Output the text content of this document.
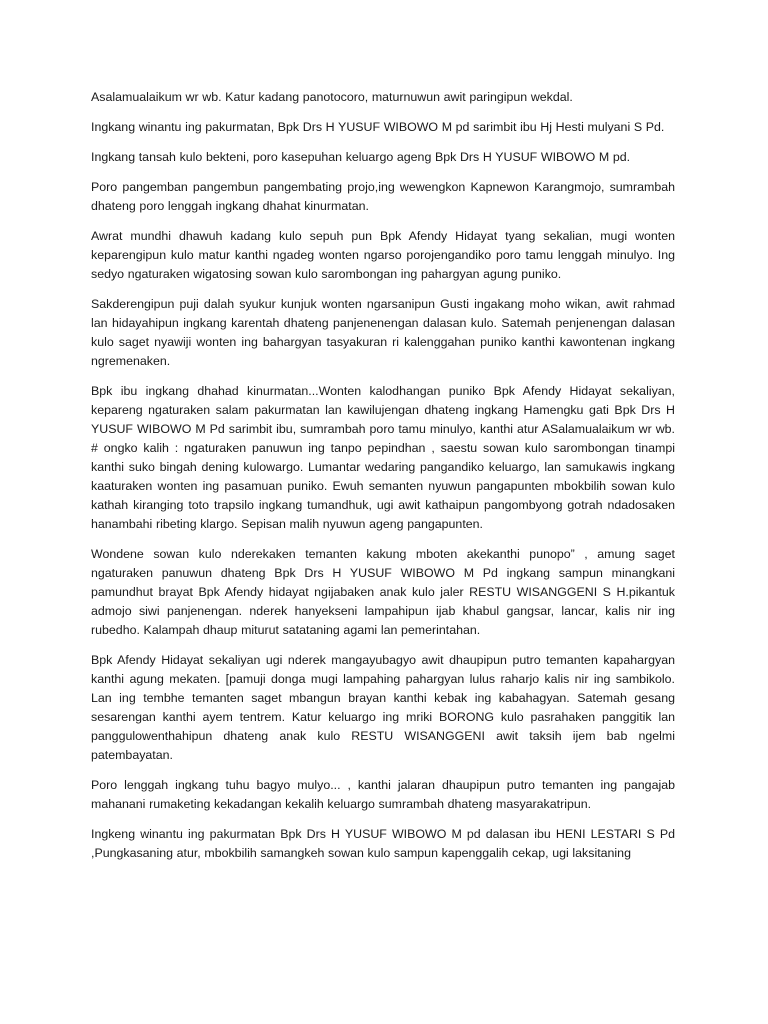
Asalamualaikum wr wb. Katur kadang panotocoro, maturnuwun awit paringipun wekdal.

Ingkang winantu ing pakurmatan, Bpk Drs H YUSUF WIBOWO M pd sarimbit ibu Hj Hesti mulyani S Pd.

Ingkang tansah kulo bekteni, poro kasepuhan keluargo ageng Bpk Drs H YUSUF WIBOWO M pd.

Poro pangemban pangembun pangembating projo,ing wewengkon Kapnewon Karangmojo, sumrambah dhateng poro lenggah ingkang dhahat kinurmatan.

Awrat mundhi dhawuh kadang kulo sepuh pun Bpk Afendy Hidayat tyang sekalian, mugi wonten keparengipun kulo matur kanthi ngadeg wonten ngarso porojengandiko poro tamu lenggah minulyo. Ing sedyo ngaturaken wigatosing sowan kulo sarombongan ing pahargyan agung puniko.

Sakderengipun puji dalah syukur kunjuk wonten ngarsanipun Gusti ingakang moho wikan, awit rahmad lan hidayahipun ingkang karentah dhateng panjenenengan dalasan kulo. Satemah penjenengan dalasan kulo saget nyawiji wonten ing bahargyan tasyakuran ri kalenggahan puniko kanthi kawontenan ingkang ngremenaken.

Bpk ibu ingkang dhahad kinurmatan...Wonten kalodhangan puniko Bpk Afendy Hidayat sekaliyan, kepareng ngaturaken salam pakurmatan lan kawilujengan dhateng ingkang Hamengku gati Bpk Drs H YUSUF WIBOWO M Pd sarimbit ibu, sumrambah poro tamu minulyo, kanthi atur ASalamualaikum wr wb. # ongko kalih : ngaturaken panuwun ing tanpo pepindhan , saestu sowan kulo sarombongan tinampi kanthi suko bingah dening kulowargo. Lumantar wedaring pangandiko keluargo, lan samukawis ingkang kaaturaken wonten ing pasamuan puniko. Ewuh semanten nyuwun pangapunten mbokbilih sowan kulo kathah kiranging toto trapsilo ingkang tumandhuk, ugi awit kathaipun pangombyong gotrah ndadosaken hanambahi ribeting klargo. Sepisan malih nyuwun ageng pangapunten.

Wondene sowan kulo nderekaken temanten kakung mboten akekanthi punopo” , amung saget ngaturaken panuwun dhateng Bpk Drs H YUSUF WIBOWO M Pd ingkang sampun minangkani pamundhut brayat Bpk Afendy hidayat ngijabaken anak kulo jaler RESTU WISANGGENI S H.pikantuk admojo siwi panjenengan. nderek hanyekseni lampahipun ijab khabul gangsar, lancar, kalis nir ing rubedho. Kalampah dhaup miturut satataning agami lan pemerintahan.

Bpk Afendy Hidayat sekaliyan ugi nderek mangayubagyo awit dhaupipun putro temanten kapahargyan kanthi agung mekaten. [pamuji donga mugi lampahing pahargyan lulus raharjo kalis nir ing sambikolo. Lan ing tembhe temanten saget mbangun brayan kanthi kebak ing kabahagyan. Satemah gesang sesarengan kanthi ayem tentrem. Katur keluargo ing mriki BORONG kulo pasrahaken panggitik lan panggulowenthahipun dhateng anak kulo RESTU WISANGGENI awit taksih ijem bab ngelmi patembayatan.

Poro lenggah ingkang tuhu bagyo mulyo... , kanthi jalaran dhaupipun putro temanten ing pangajab mahanani rumaketing kekadangan kekalih keluargo sumrambah dhateng masyarakatripun.

Ingkeng winantu ing pakurmatan Bpk Drs H YUSUF WIBOWO M pd dalasan ibu HENI LESTARI S Pd ,Pungkasaning atur, mbokbilih samangkeh sowan kulo sampun kapenggalih cekap, ugi laksitaning
